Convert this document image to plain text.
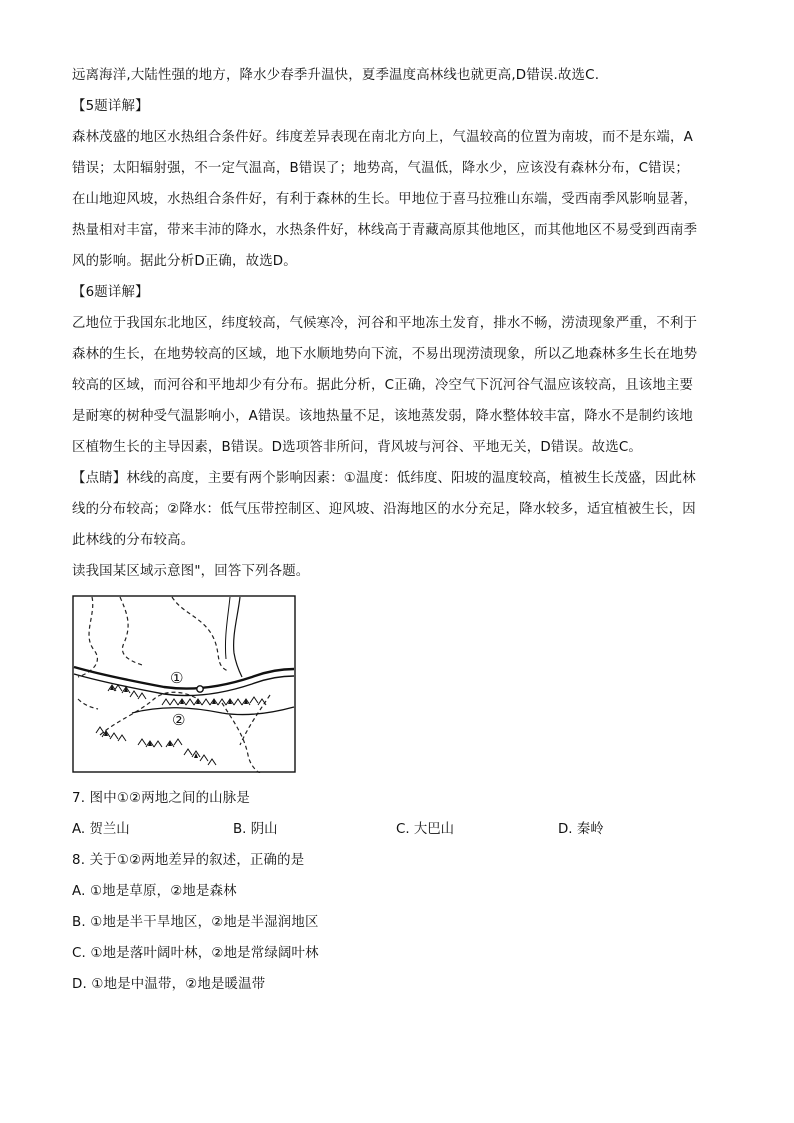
远离海洋,大陆性强的地方，降水少春季升温快，夏季温度高林线也就更高,D错误.故选C.

【5题详解】

森林茂盛的地区水热组合条件好。纬度差异表现在南北方向上，气温较高的位置为南坡，而不是东端，A

错误；太阳辐射强，不一定气温高，B错误了；地势高，气温低，降水少，应该没有森林分布，C错误；

在山地迎风坡，水热组合条件好，有利于森林的生长。甲地位于喜马拉雅山东端，受西南季风影响显著，

热量相对丰富，带来丰沛的降水，水热条件好，林线高于青藏高原其他地区，而其他地区不易受到西南季

风的影响。据此分析D正确，故选D。

【6题详解】

乙地位于我国东北地区，纬度较高，气候寒冷，河谷和平地冻土发育，排水不畅，涝渍现象严重，不利于

森林的生长，在地势较高的区域，地下水顺地势向下流，不易出现涝渍现象，所以乙地森林多生长在地势

较高的区域，而河谷和平地却少有分布。据此分析，C正确，冷空气下沉河谷气温应该较高，且该地主要

是耐寒的树种受气温影响小，A错误。该地热量不足，该地蒸发弱，降水整体较丰富，降水不是制约该地

区植物生长的主导因素，B错误。D选项答非所问，背风坡与河谷、平地无关，D错误。故选C。

【点睛】林线的高度，主要有两个影响因素：①温度：低纬度、阳坡的温度较高，植被生长茂盛，因此林

线的分布较高；②降水：低气压带控制区、迎风坡、沿海地区的水分充足，降水较多，适宜植被生长，因

此林线的分布较高。

读我国某区域示意图"，回答下列各题。

①
②

7. 图中①②两地之间的山脉是

A. 贺兰山	B. 阴山	C. 大巴山	D. 秦岭

8. 关于①②两地差异的叙述，正确的是

A. ①地是草原，②地是森林

B. ①地是半干旱地区，②地是半湿润地区

C. ①地是落叶阔叶林，②地是常绿阔叶林

D. ①地是中温带，②地是暖温带
